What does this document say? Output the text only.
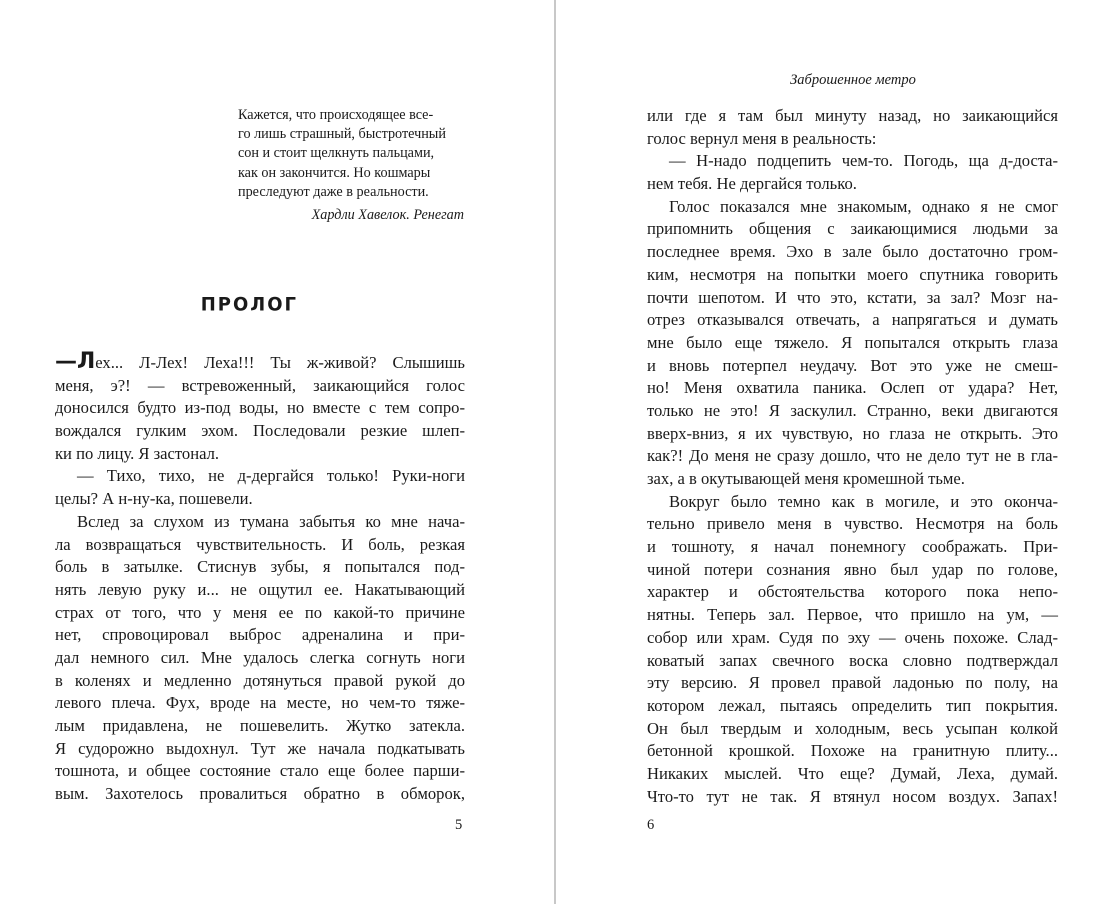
Кажется, что происходящее все-
го лишь страшный, быстротечный
сон и стоит щелкнуть пальцами,
как он закончится. Но кошмары
преследуют даже в реальности.
Хардли Хавелок. Ренегат
ПРОЛОГ
—Лех... Л-Лех! Леха!!! Ты ж-живой? Слышишь
меня, э?! — встревоженный, заикающийся голос
доносился будто из-под воды, но вместе с тем сопро-
вождался гулким эхом. Последовали резкие шлеп-
ки по лицу. Я застонал.
— Тихо, тихо, не д-дергайся только! Руки-ноги
целы? А н-ну-ка, пошевели.
Вслед за слухом из тумана забытья ко мне нача-
ла возвращаться чувствительность. И боль, резкая
боль в затылке. Стиснув зубы, я попытался под-
нять левую руку и... не ощутил ее. Накатывающий
страх от того, что у меня ее по какой-то причине
нет, спровоцировал выброс адреналина и при-
дал немного сил. Мне удалось слегка согнуть ноги
в коленях и медленно дотянуться правой рукой до
левого плеча. Фух, вроде на месте, но чем-то тяже-
лым придавлена, не пошевелить. Жутко затекла.
Я судорожно выдохнул. Тут же начала подкатывать
тошнота, и общее состояние стало еще более парши-
вым. Захотелось провалиться обратно в обморок,
5
Заброшенное метро
или где я там был минуту назад, но заикающийся
голос вернул меня в реальность:
— Н-надо подцепить чем-то. Погодь, ща д-достa-
нем тебя. Не дергайся только.
Голос показался мне знакомым, однако я не смог
припомнить общения с заикающимися людьми за
последнее время. Эхо в зале было достаточно гром-
ким, несмотря на попытки моего спутника говорить
почти шепотом. И что это, кстати, за зал? Мозг на-
отрез отказывался отвечать, а напрягаться и думать
мне было еще тяжело. Я попытался открыть глаза
и вновь потерпел неудачу. Вот это уже не смеш-
но! Меня охватила паника. Ослеп от удара? Нет,
только не это! Я заскулил. Странно, веки двигаются
вверх-вниз, я их чувствую, но глаза не открыть. Это
как?! До меня не сразу дошло, что не дело тут не в гла-
зах, а в окутывающей меня кромешной тьме.
Вокруг было темно как в могиле, и это оконча-
тельно привело меня в чувство. Несмотря на боль
и тошноту, я начал понемногу соображать. При-
чиной потери сознания явно был удар по голове,
характер и обстоятельства которого пока непо-
нятны. Теперь зал. Первое, что пришло на ум, —
собор или храм. Судя по эху — очень похоже. Слад-
коватый запах свечного воска словно подтверждал
эту версию. Я провел правой ладонью по полу, на
котором лежал, пытаясь определить тип покрытия.
Он был твердым и холодным, весь усыпан колкой
бетонной крошкой. Похоже на гранитную плиту...
Никаких мыслей. Что еще? Думай, Леха, думай.
Что-то тут не так. Я втянул носом воздух. Запах!
6
